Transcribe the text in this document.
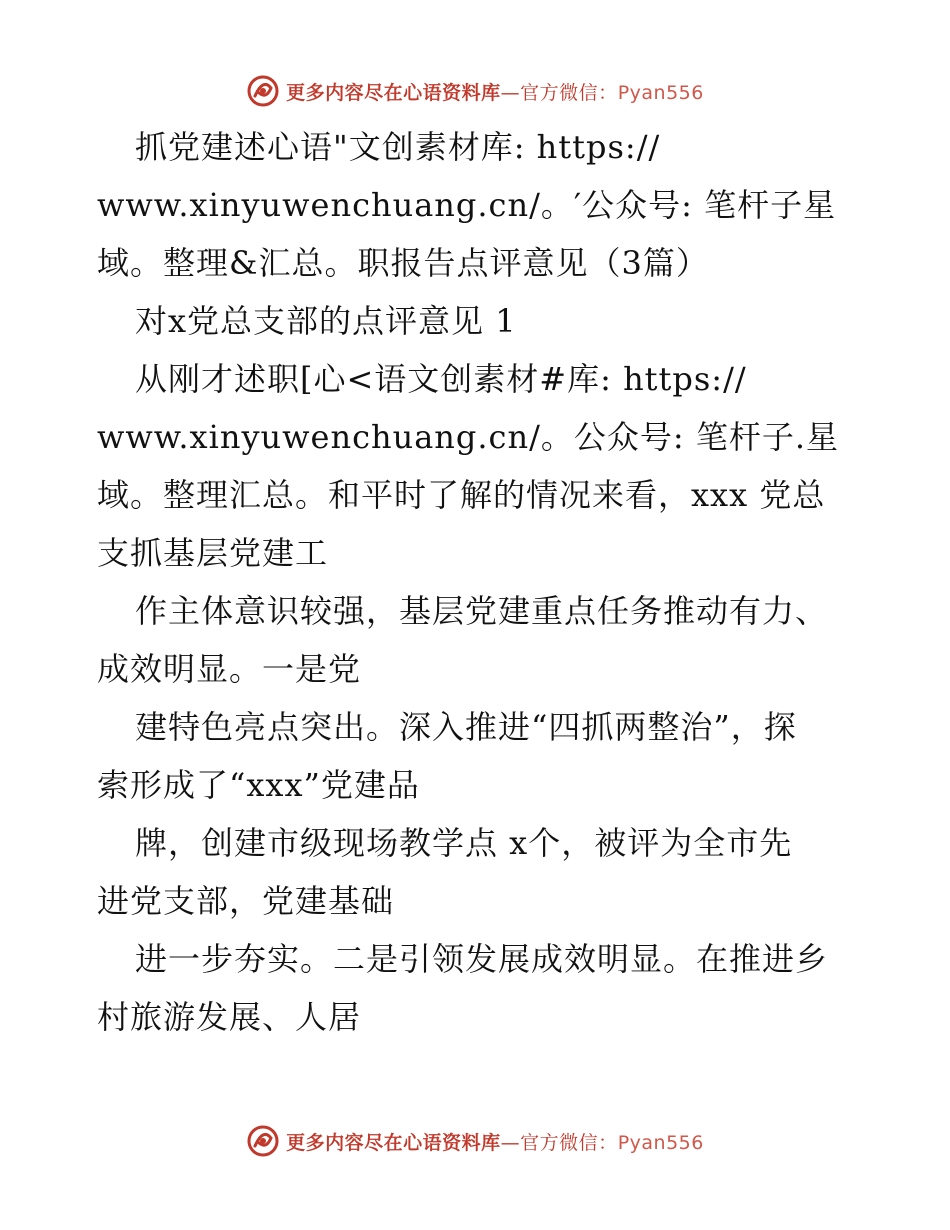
更多内容尽在心语资料库—官方微信：Pyan556
抓党建述心语"文创素材库: https://
www.xinyuwenchuang.cn/。′公众号: 笔杆子星
域。整理&汇总。职报告点评意见（3篇）
对x党总支部的点评意见 1
从刚才述职[心<语文创素材#库: https://
www.xinyuwenchuang.cn/。公众号: 笔杆子.星
域。整理汇总。和平时了解的情况来看，xxx 党总
支抓基层党建工
作主体意识较强，基层党建重点任务推动有力、
成效明显。一是党
建特色亮点突出。深入推进“四抓两整治”，探
索形成了“xxx”党建品
牌，创建市级现场教学点 x个，被评为全市先
进党支部，党建基础
进一步夯实。二是引领发展成效明显。在推进乡
村旅游发展、人居
更多内容尽在心语资料库—官方微信：Pyan556
